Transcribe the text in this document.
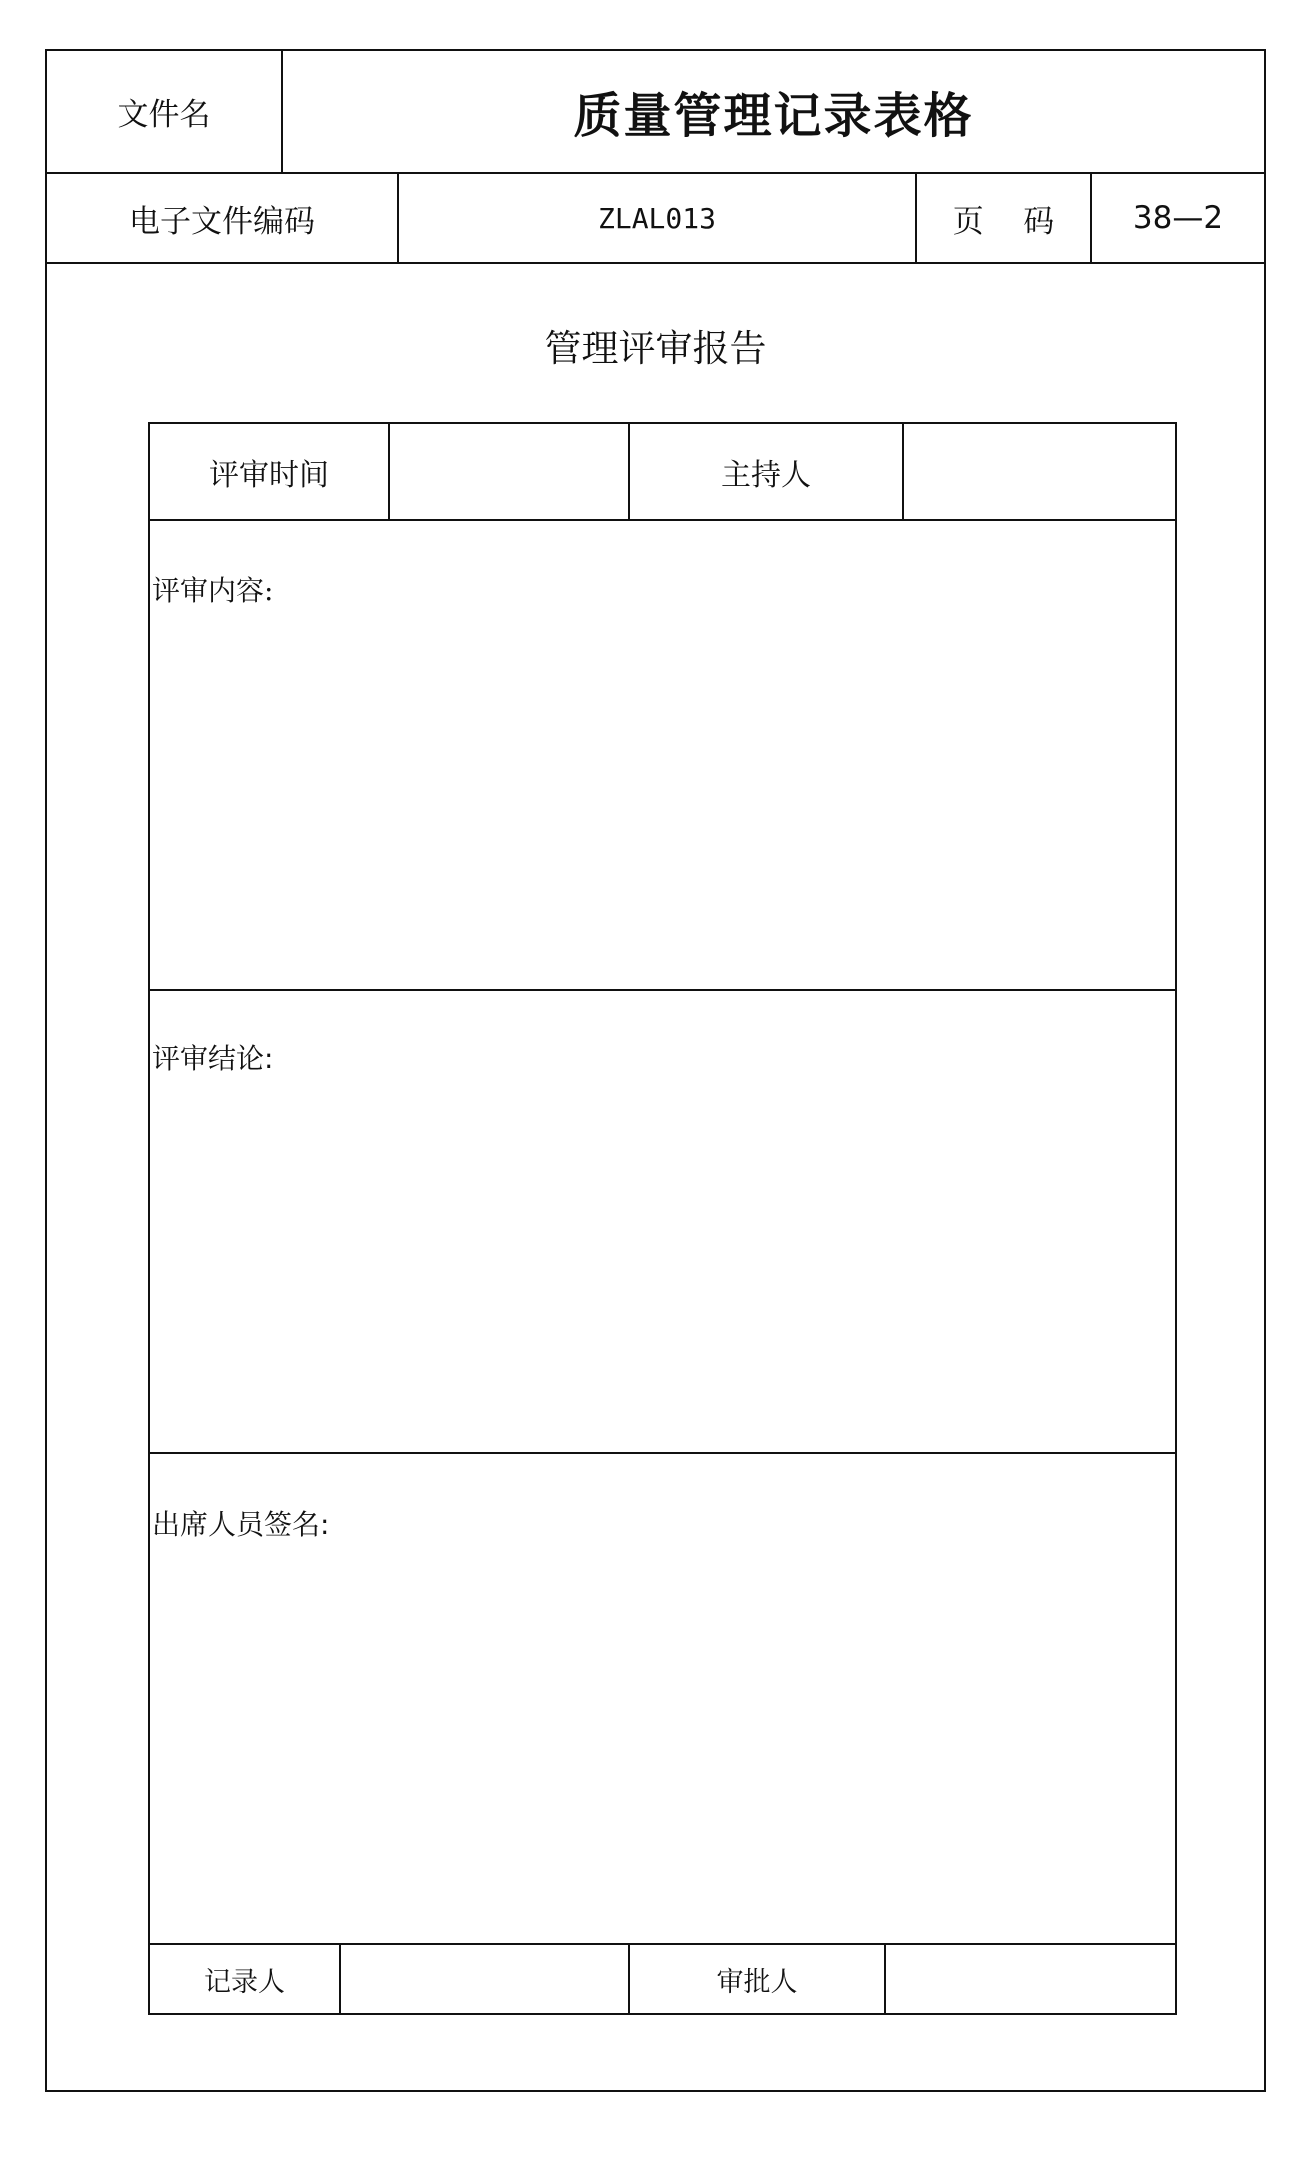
文件名	质量管理记录表格
电子文件编码	ZLAL013	页    码	38—2
管理评审报告
评审时间	主持人
评审内容:
评审结论:
出席人员签名:
记录人	审批人
